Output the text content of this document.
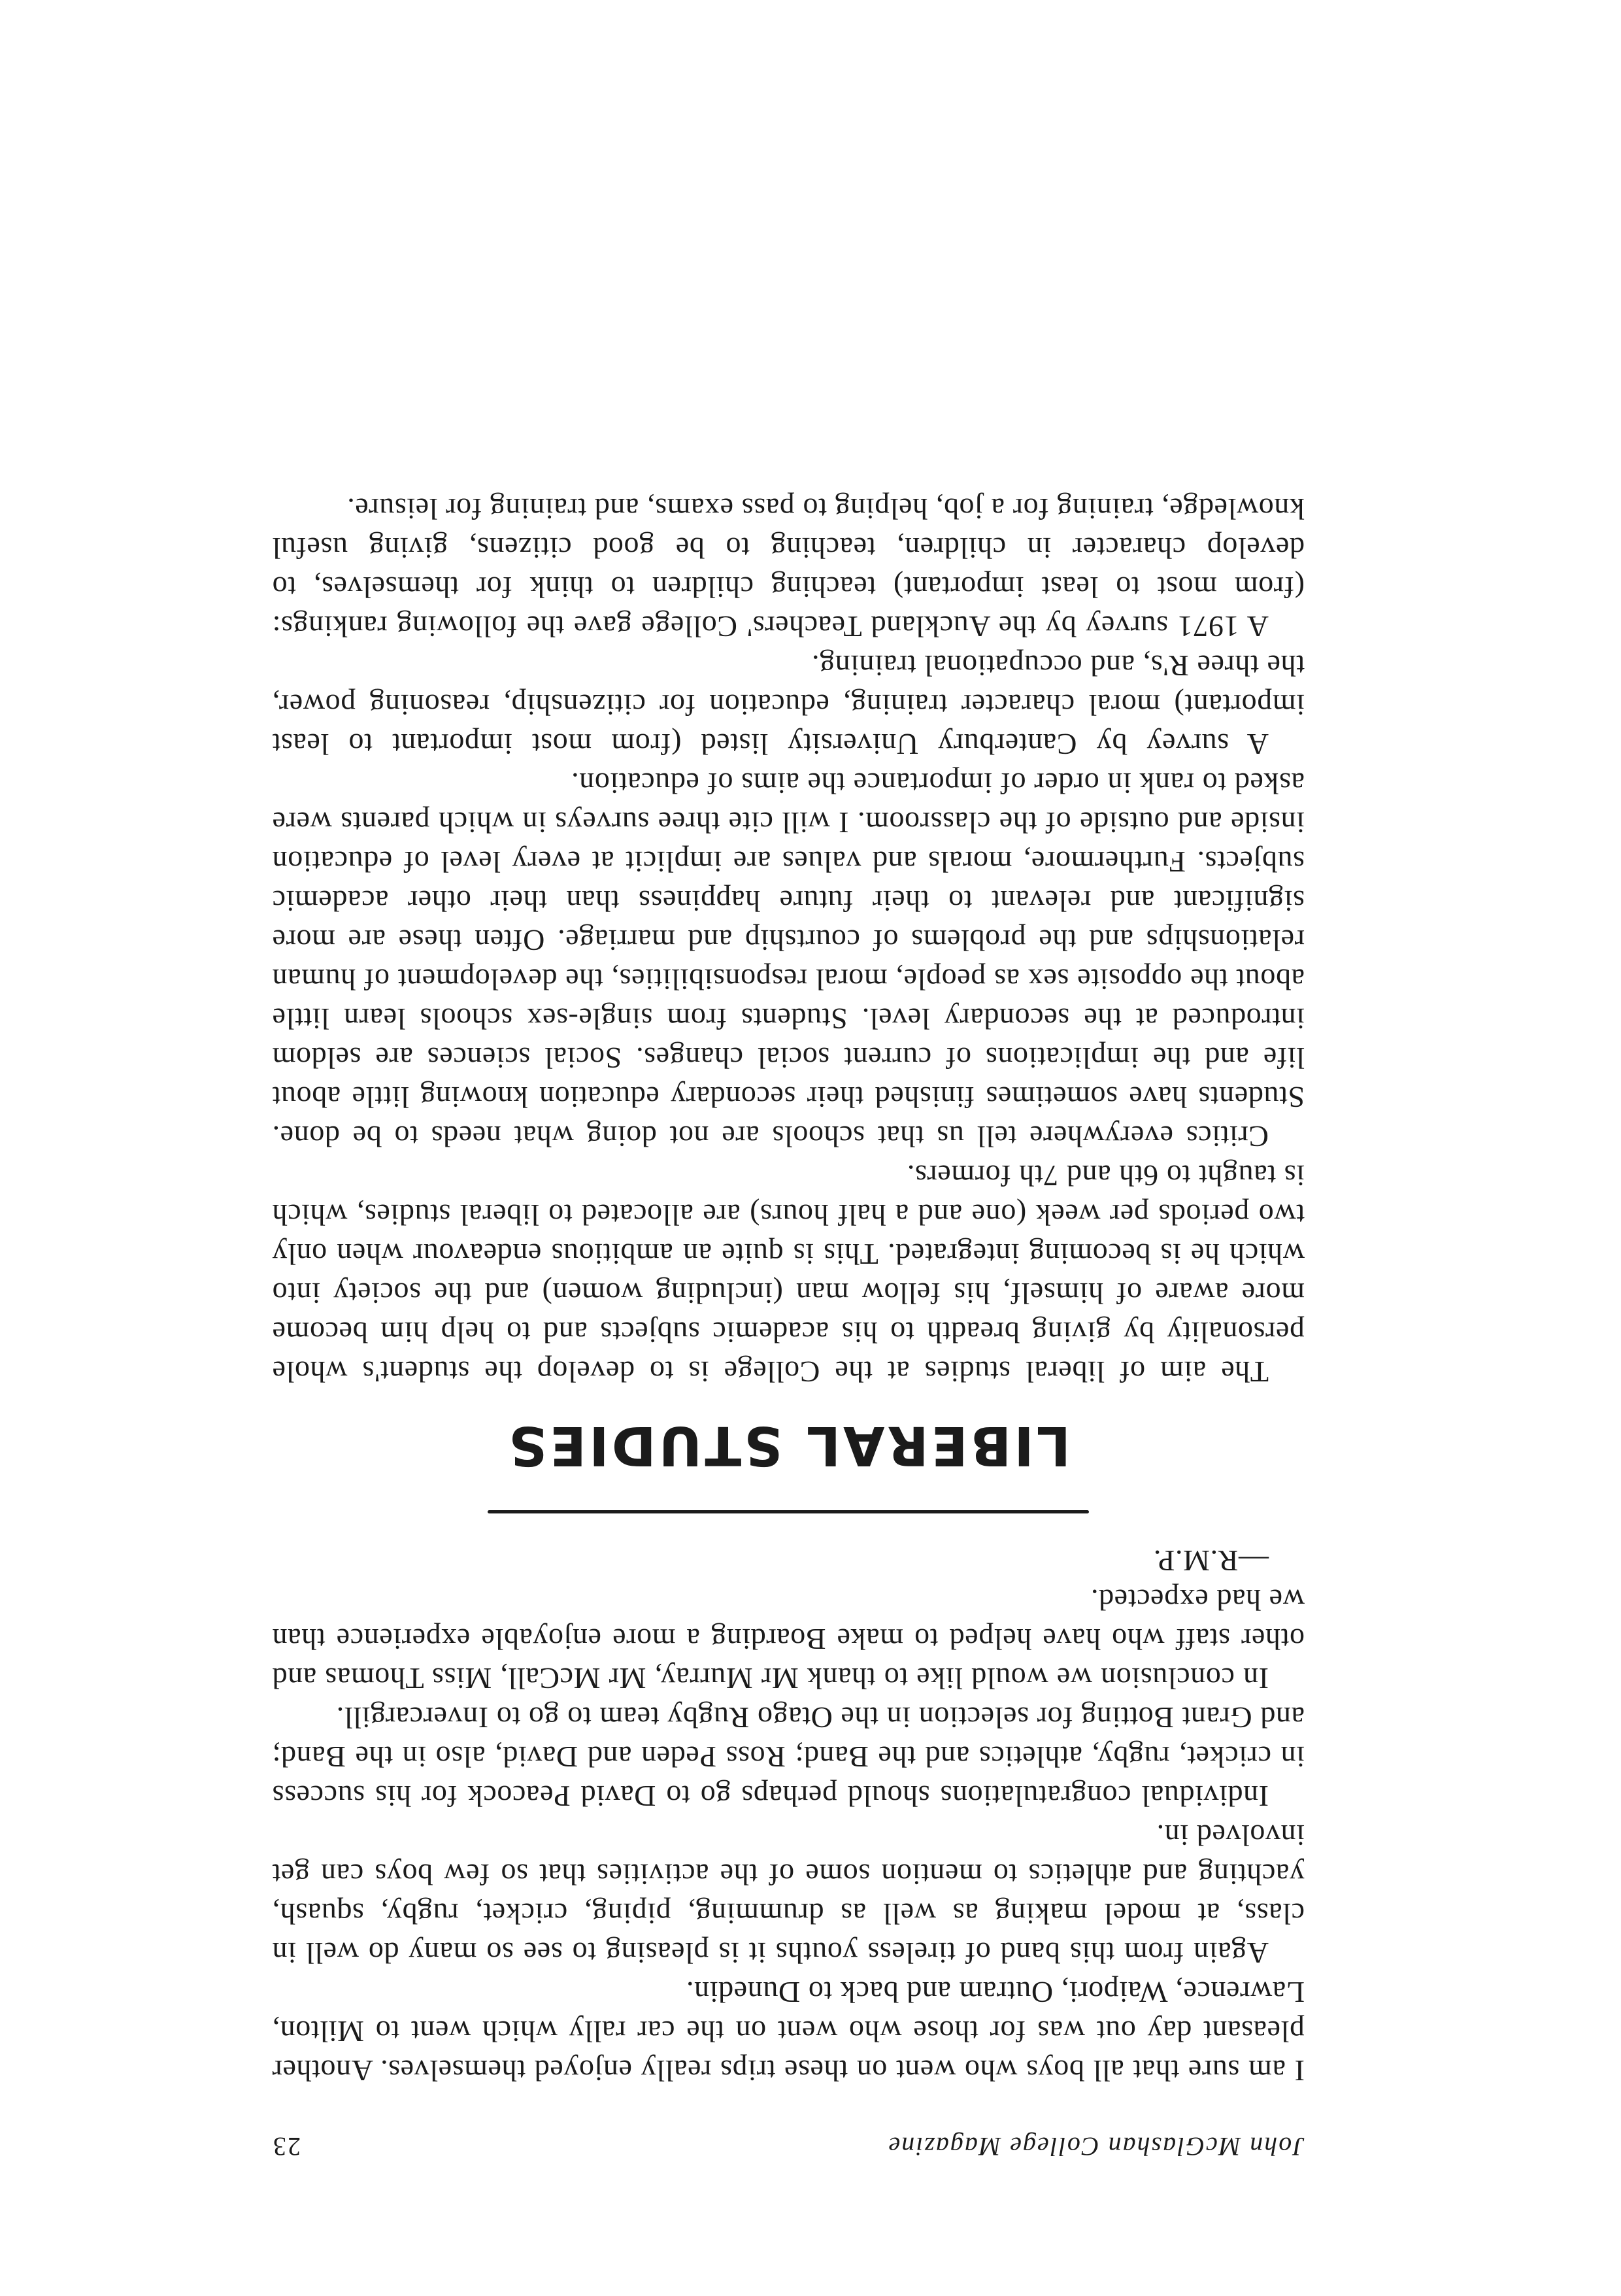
John McGlashan College Magazine
23

I am sure that all boys who went on these trips really enjoyed themselves. Another pleasant day out was for those who went on the car rally which went to Milton, Lawrence, Waipori, Outram and back to Dunedin.

Again from this band of tireless youths it is pleasing to see so many do well in class, at model making as well as drumming, piping, cricket, rugby, squash, yachting and athletics to mention some of the activities that so few boys can get involved in.

Individual congratulations should perhaps go to David Peacock for his success in cricket, rugby, athletics and the Band; Ross Peden and David, also in the Band; and Grant Botting for selection in the Otago Rugby team to go to Invercargill.

In conclusion we would like to thank Mr Murray, Mr McCall, Miss Thomas and other staff who have helped to make Boarding a more enjoyable experience than we had expected.

—R.M.P.

LIBERAL STUDIES

The aim of liberal studies at the College is to develop the student's whole personality by giving breadth to his academic subjects and to help him become more aware of himself, his fellow man (including women) and the society into which he is becoming integrated. This is quite an ambitious endeavour when only two periods per week (one and a half hours) are allocated to liberal studies, which is taught to 6th and 7th formers.

Critics everywhere tell us that schools are not doing what needs to be done. Students have sometimes finished their secondary education knowing little about life and the implications of current social changes. Social sciences are seldom introduced at the secondary level. Students from single-sex schools learn little about the opposite sex as people, moral responsibilities, the development of human relationships and the problems of courtship and marriage. Often these are more significant and relevant to their future happiness than their other academic subjects. Furthermore, morals and values are implicit at every level of education inside and outside of the classroom. I will cite three surveys in which parents were asked to rank in order of importance the aims of education.

A survey by Canterbury University listed (from most important to least important) moral character training, education for citizenship, reasoning power, the three R's, and occupational training.

A 1971 survey by the Auckland Teachers' College gave the following rankings: (from most to least important) teaching children to think for themselves, to develop character in children, teaching to be good citizens, giving useful knowledge, training for a job, helping to pass exams, and training for leisure.
